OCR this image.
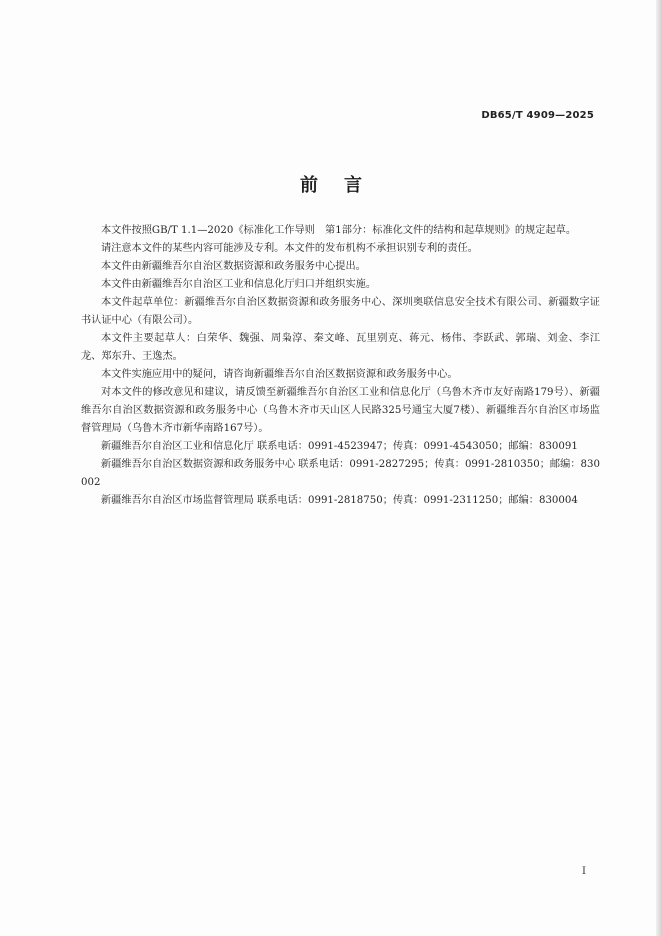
DB65/T 4909—2025
前言

本文件按照GB/T 1.1—2020《标准化工作导则　第1部分：标准化文件的结构和起草规则》的规定起草。

请注意本文件的某些内容可能涉及专利。本文件的发布机构不承担识别专利的责任。

本文件由新疆维吾尔自治区数据资源和政务服务中心提出。

本文件由新疆维吾尔自治区工业和信息化厅归口并组织实施。

本文件起草单位：新疆维吾尔自治区数据资源和政务服务中心、深圳奥联信息安全技术有限公司、新疆数字证书认证中心（有限公司）。

本文件主要起草人：白荣华、魏强、周枭淳、秦文峰、瓦里别克、蒋元、杨伟、李跃武、郭瑞、刘金、李江龙、郑东升、王逸杰。

本文件实施应用中的疑问，请咨询新疆维吾尔自治区数据资源和政务服务中心。

对本文件的修改意见和建议，请反馈至新疆维吾尔自治区工业和信息化厅（乌鲁木齐市友好南路179号）、新疆维吾尔自治区数据资源和政务服务中心（乌鲁木齐市天山区人民路325号通宝大厦7楼）、新疆维吾尔自治区市场监督管理局（乌鲁木齐市新华南路167号）。

新疆维吾尔自治区工业和信息化厅 联系电话：0991-4523947；传真：0991-4543050；邮编：830091

新疆维吾尔自治区数据资源和政务服务中心 联系电话：0991-2827295；传真：0991-2810350；邮编：830002

新疆维吾尔自治区市场监督管理局 联系电话：0991-2818750；传真：0991-2311250；邮编：830004

I
